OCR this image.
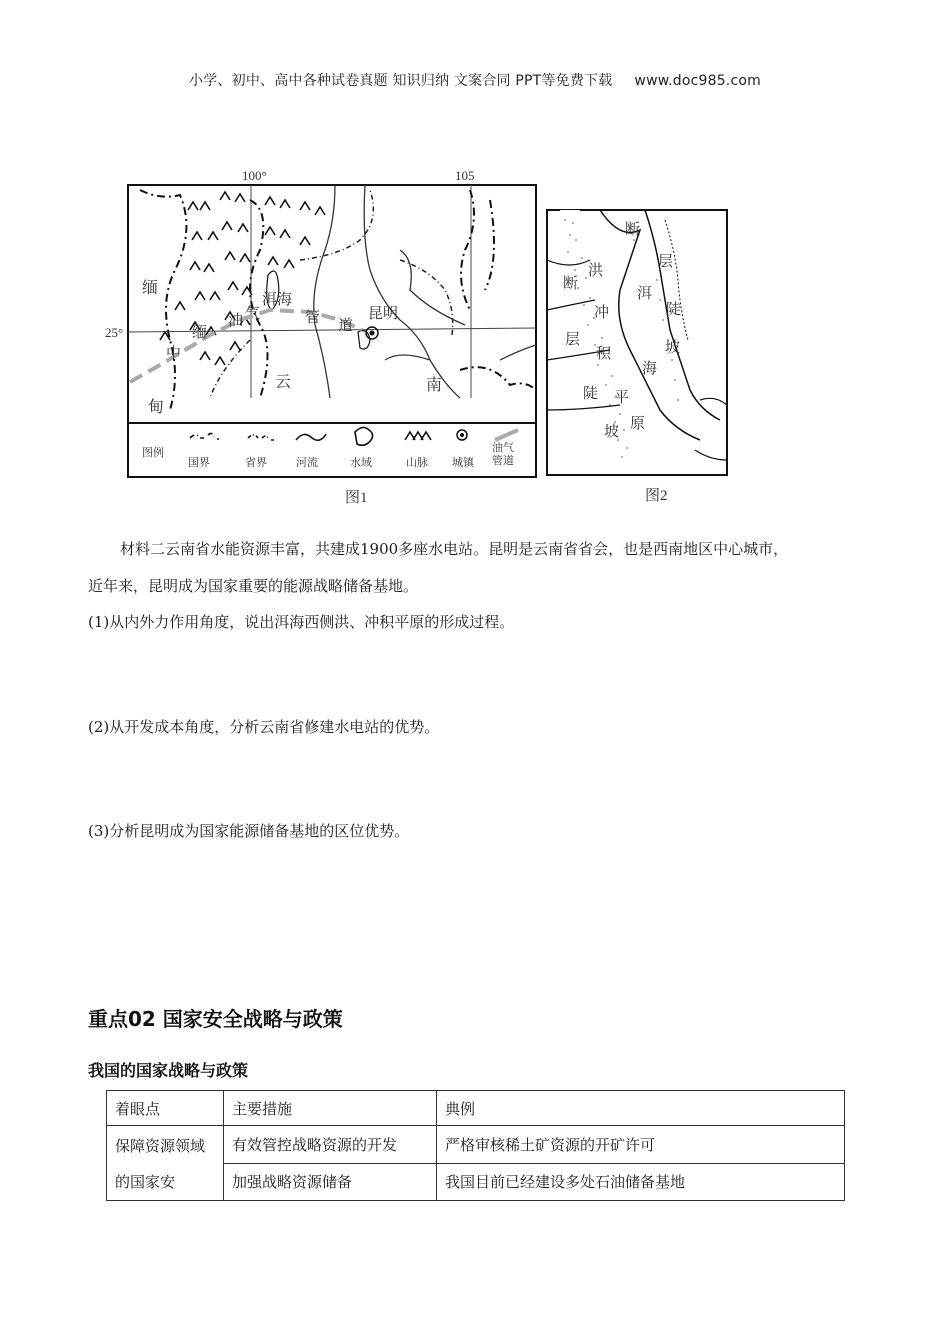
小学、初中、高中各种试卷真题 知识归纳 文案合同 PPT等免费下载 www.doc985.com
100°	105
25°
缅
甸
中
缅
油 气	管 道
洱海
昆明
云	南
图例
国界	省界	河流	水域	山脉 城镇
油气管道
图1
断
层
陡
坡
洱
海
断
洪
冲
积
层
陡
坡
平
原
图2
材料二云南省水能资源丰富，共建成1900多座水电站。昆明是云南省省会，也是西南地区中心城市，
近年来，昆明成为国家重要的能源战略储备基地。
(1)从内外力作用角度，说出洱海西侧洪、冲积平原的形成过程。
(2)从开发成本角度，分析云南省修建水电站的优势。
(3)分析昆明成为国家能源储备基地的区位优势。
重点02 国家安全战略与政策
我国的国家战略与政策
着眼点	主要措施	典例
保障资源领域的国家安	有效管控战略资源的开发	严格审核稀土矿资源的开矿许可
	加强战略资源储备	我国目前已经建设多处石油储备基地
